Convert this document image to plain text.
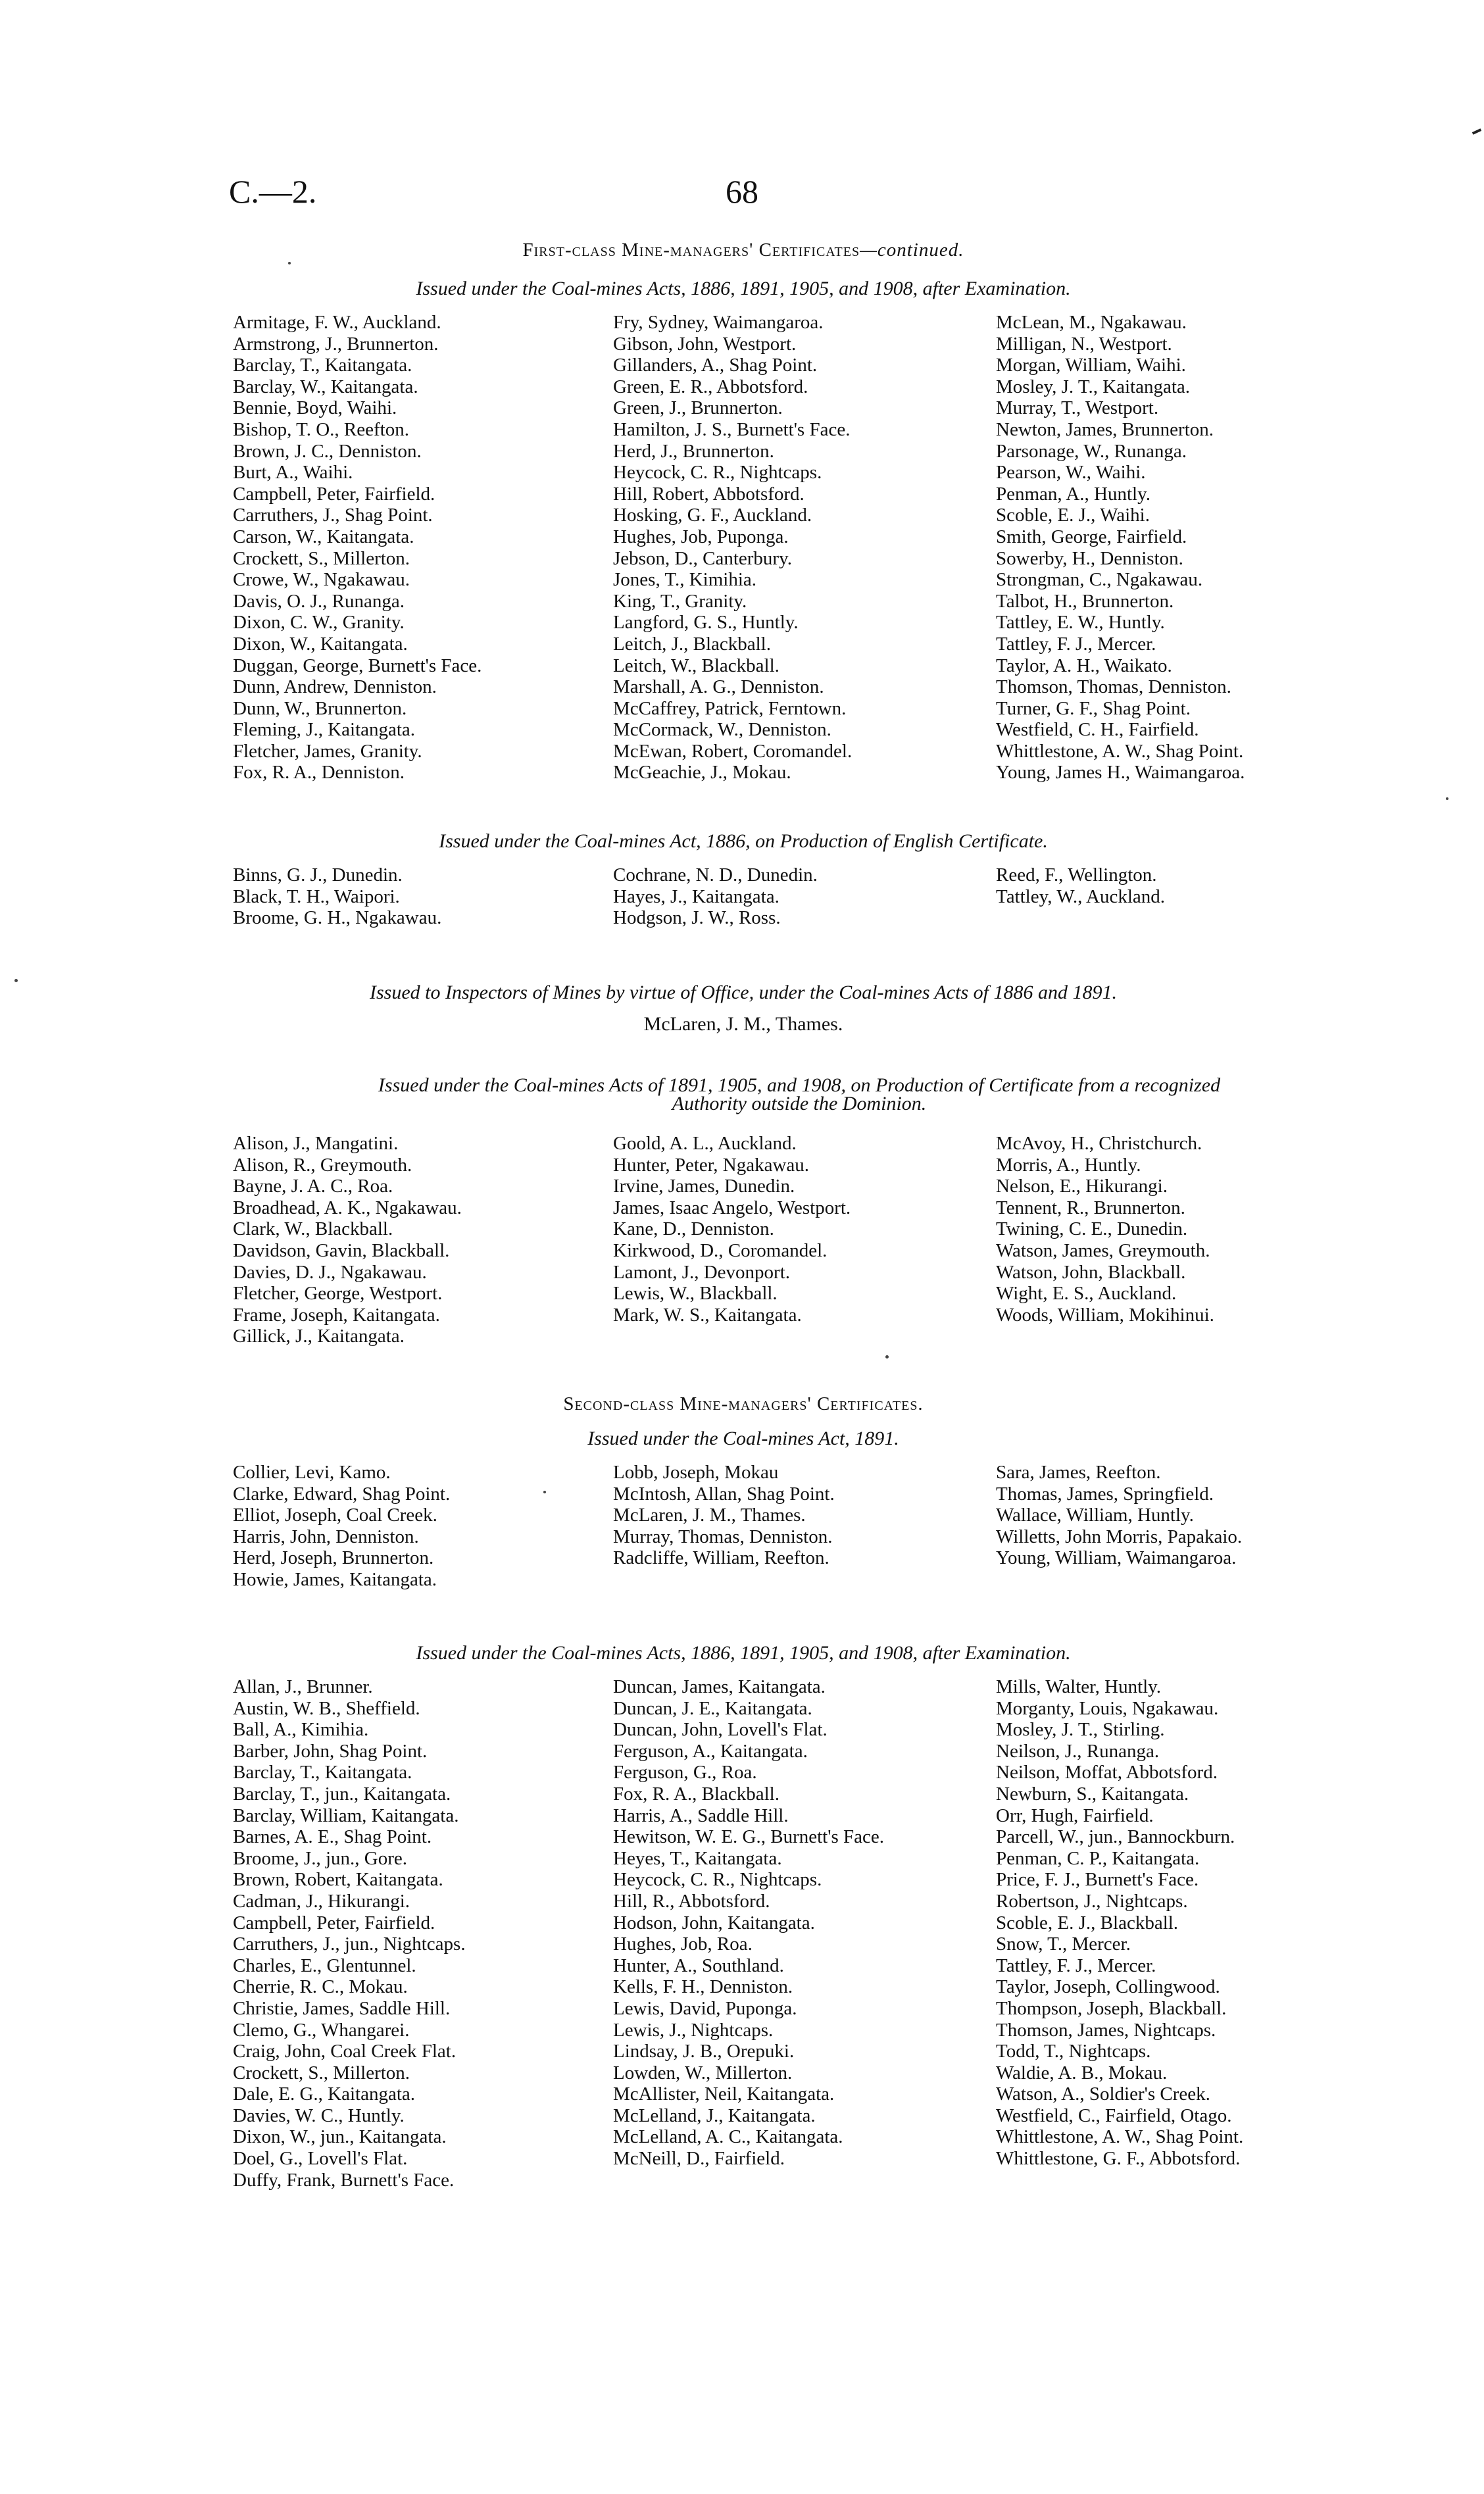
C.—2.	68
First-class Mine-managers' Certificates—continued.
Issued under the Coal-mines Acts, 1886, 1891, 1905, and 1908, after Examination.
Armitage, F. W., Auckland.
Armstrong, J., Brunnerton.
Barclay, T., Kaitangata.
Barclay, W., Kaitangata.
Bennie, Boyd, Waihi.
Bishop, T. O., Reefton.
Brown, J. C., Denniston.
Burt, A., Waihi.
Campbell, Peter, Fairfield.
Carruthers, J., Shag Point.
Carson, W., Kaitangata.
Crockett, S., Millerton.
Crowe, W., Ngakawau.
Davis, O. J., Runanga.
Dixon, C. W., Granity.
Dixon, W., Kaitangata.
Duggan, George, Burnett's Face.
Dunn, Andrew, Denniston.
Dunn, W., Brunnerton.
Fleming, J., Kaitangata.
Fletcher, James, Granity.
Fox, R. A., Denniston.
Fry, Sydney, Waimangaroa.
Gibson, John, Westport.
Gillanders, A., Shag Point.
Green, E. R., Abbotsford.
Green, J., Brunnerton.
Hamilton, J. S., Burnett's Face.
Herd, J., Brunnerton.
Heycock, C. R., Nightcaps.
Hill, Robert, Abbotsford.
Hosking, G. F., Auckland.
Hughes, Job, Puponga.
Jebson, D., Canterbury.
Jones, T., Kimihia.
King, T., Granity.
Langford, G. S., Huntly.
Leitch, J., Blackball.
Leitch, W., Blackball.
Marshall, A. G., Denniston.
McCaffrey, Patrick, Ferntown.
McCormack, W., Denniston.
McEwan, Robert, Coromandel.
McGeachie, J., Mokau.
McLean, M., Ngakawau.
Milligan, N., Westport.
Morgan, William, Waihi.
Mosley, J. T., Kaitangata.
Murray, T., Westport.
Newton, James, Brunnerton.
Parsonage, W., Runanga.
Pearson, W., Waihi.
Penman, A., Huntly.
Scoble, E. J., Waihi.
Smith, George, Fairfield.
Sowerby, H., Denniston.
Strongman, C., Ngakawau.
Talbot, H., Brunnerton.
Tattley, E. W., Huntly.
Tattley, F. J., Mercer.
Taylor, A. H., Waikato.
Thomson, Thomas, Denniston.
Turner, G. F., Shag Point.
Westfield, C. H., Fairfield.
Whittlestone, A. W., Shag Point.
Young, James H., Waimangaroa.
Issued under the Coal-mines Act, 1886, on Production of English Certificate.
Binns, G. J., Dunedin.
Black, T. H., Waipori.
Broome, G. H., Ngakawau.
Cochrane, N. D., Dunedin.
Hayes, J., Kaitangata.
Hodgson, J. W., Ross.
Reed, F., Wellington.
Tattley, W., Auckland.
Issued to Inspectors of Mines by virtue of Office, under the Coal-mines Acts of 1886 and 1891.
McLaren, J. M., Thames.
Issued under the Coal-mines Acts of 1891, 1905, and 1908, on Production of Certificate from a recognized
Authority outside the Dominion.
Alison, J., Mangatini.
Alison, R., Greymouth.
Bayne, J. A. C., Roa.
Broadhead, A. K., Ngakawau.
Clark, W., Blackball.
Davidson, Gavin, Blackball.
Davies, D. J., Ngakawau.
Fletcher, George, Westport.
Frame, Joseph, Kaitangata.
Gillick, J., Kaitangata.
Goold, A. L., Auckland.
Hunter, Peter, Ngakawau.
Irvine, James, Dunedin.
James, Isaac Angelo, Westport.
Kane, D., Denniston.
Kirkwood, D., Coromandel.
Lamont, J., Devonport.
Lewis, W., Blackball.
Mark, W. S., Kaitangata.
McAvoy, H., Christchurch.
Morris, A., Huntly.
Nelson, E., Hikurangi.
Tennent, R., Brunnerton.
Twining, C. E., Dunedin.
Watson, James, Greymouth.
Watson, John, Blackball.
Wight, E. S., Auckland.
Woods, William, Mokihinui.
Second-class Mine-managers' Certificates.
Issued under the Coal-mines Act, 1891.
Collier, Levi, Kamo.
Clarke, Edward, Shag Point.
Elliot, Joseph, Coal Creek.
Harris, John, Denniston.
Herd, Joseph, Brunnerton.
Howie, James, Kaitangata.
Lobb, Joseph, Mokau
McIntosh, Allan, Shag Point.
McLaren, J. M., Thames.
Murray, Thomas, Denniston.
Radcliffe, William, Reefton.
Sara, James, Reefton.
Thomas, James, Springfield.
Wallace, William, Huntly.
Willetts, John Morris, Papakaio.
Young, William, Waimangaroa.
Issued under the Coal-mines Acts, 1886, 1891, 1905, and 1908, after Examination.
Allan, J., Brunner.
Austin, W. B., Sheffield.
Ball, A., Kimihia.
Barber, John, Shag Point.
Barclay, T., Kaitangata.
Barclay, T., jun., Kaitangata.
Barclay, William, Kaitangata.
Barnes, A. E., Shag Point.
Broome, J., jun., Gore.
Brown, Robert, Kaitangata.
Cadman, J., Hikurangi.
Campbell, Peter, Fairfield.
Carruthers, J., jun., Nightcaps.
Charles, E., Glentunnel.
Cherrie, R. C., Mokau.
Christie, James, Saddle Hill.
Clemo, G., Whangarei.
Craig, John, Coal Creek Flat.
Crockett, S., Millerton.
Dale, E. G., Kaitangata.
Davies, W. C., Huntly.
Dixon, W., jun., Kaitangata.
Doel, G., Lovell's Flat.
Duffy, Frank, Burnett's Face.
Duncan, James, Kaitangata.
Duncan, J. E., Kaitangata.
Duncan, John, Lovell's Flat.
Ferguson, A., Kaitangata.
Ferguson, G., Roa.
Fox, R. A., Blackball.
Harris, A., Saddle Hill.
Hewitson, W. E. G., Burnett's Face.
Heyes, T., Kaitangata.
Heycock, C. R., Nightcaps.
Hill, R., Abbotsford.
Hodson, John, Kaitangata.
Hughes, Job, Roa.
Hunter, A., Southland.
Kells, F. H., Denniston.
Lewis, David, Puponga.
Lewis, J., Nightcaps.
Lindsay, J. B., Orepuki.
Lowden, W., Millerton.
McAllister, Neil, Kaitangata.
McLelland, J., Kaitangata.
McLelland, A. C., Kaitangata.
McNeill, D., Fairfield.
Mills, Walter, Huntly.
Morganty, Louis, Ngakawau.
Mosley, J. T., Stirling.
Neilson, J., Runanga.
Neilson, Moffat, Abbotsford.
Newburn, S., Kaitangata.
Orr, Hugh, Fairfield.
Parcell, W., jun., Bannockburn.
Penman, C. P., Kaitangata.
Price, F. J., Burnett's Face.
Robertson, J., Nightcaps.
Scoble, E. J., Blackball.
Snow, T., Mercer.
Tattley, F. J., Mercer.
Taylor, Joseph, Collingwood.
Thompson, Joseph, Blackball.
Thomson, James, Nightcaps.
Todd, T., Nightcaps.
Waldie, A. B., Mokau.
Watson, A., Soldier's Creek.
Westfield, C., Fairfield, Otago.
Whittlestone, A. W., Shag Point.
Whittlestone, G. F., Abbotsford.
